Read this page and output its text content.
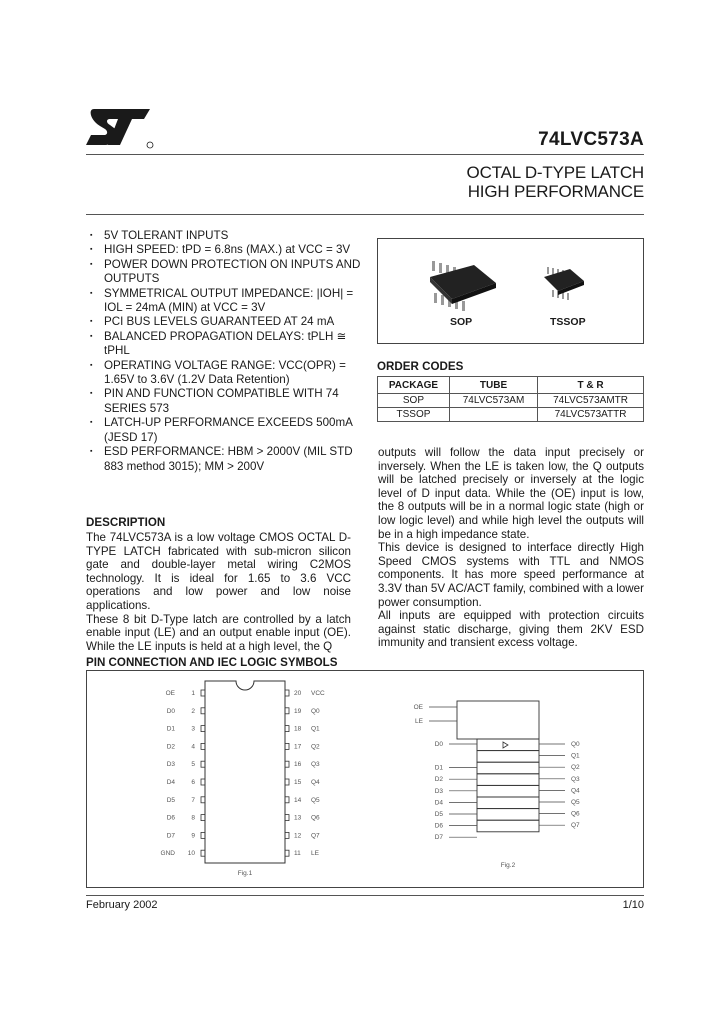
74LVC573A
OCTAL D-TYPE LATCH
HIGH PERFORMANCE
▪ 5V TOLERANT INPUTS
▪ HIGH SPEED: tPD = 6.8ns (MAX.) at VCC = 3V
▪ POWER DOWN PROTECTION ON INPUTS AND OUTPUTS
▪ SYMMETRICAL OUTPUT IMPEDANCE: |IOH| = IOL = 24mA (MIN) at VCC = 3V
▪ PCI BUS LEVELS GUARANTEED AT 24 mA
▪ BALANCED PROPAGATION DELAYS: tPLH ≅ tPHL
▪ OPERATING VOLTAGE RANGE: VCC(OPR) = 1.65V to 3.6V (1.2V Data Retention)
▪ PIN AND FUNCTION COMPATIBLE WITH 74 SERIES 573
▪ LATCH-UP PERFORMANCE EXCEEDS 500mA (JESD 17)
▪ ESD PERFORMANCE: HBM > 2000V (MIL STD 883 method 3015); MM > 200V
SOP	TSSOP
ORDER CODES
PACKAGE	TUBE	T & R
SOP	74LVC573AM	74LVC573AMTR
TSSOP		74LVC573ATTR
DESCRIPTION

The 74LVC573A is a low voltage CMOS OCTAL D-TYPE LATCH fabricated with sub-micron silicon gate and double-layer metal wiring C2MOS technology. It is ideal for 1.65 to 3.6 VCC operations and low power and low noise applications.

These 8 bit D-Type latch are controlled by a latch enable input (LE) and an output enable input (OE). While the LE inputs is held at a high level, the Q

outputs will follow the data input precisely or inversely. When the LE is taken low, the Q outputs will be latched precisely or inversely at the logic level of D input data. While the (OE) input is low, the 8 outputs will be in a normal logic state (high or low logic level) and while high level the outputs will be in a high impedance state.

This device is designed to interface directly High Speed CMOS systems with TTL and NMOS components. It has more speed performance at 3.3V than 5V AC/ACT family, combined with a lower power consumption.

All inputs are equipped with protection circuits against static discharge, giving them 2KV ESD immunity and transient excess voltage.

PIN CONNECTION AND IEC LOGIC SYMBOLS
OE	1
D0	2
D1	3
D2	4
D3	5
D4	6
D5	7
D6	8
D7	9
GND 10
20 VCC
19 Q0
18 Q1
17 Q2
16 Q3
15 Q4
14 Q5
13 Q6
12 Q7
11 LE
Fig.1
OE
LE
D0
D1
D2
D3
D4
D5
D6
D7
Q0
Q1
Q2
Q3
Q4
Q5
Q6
Q7
Fig.2
February 2002	1/10
